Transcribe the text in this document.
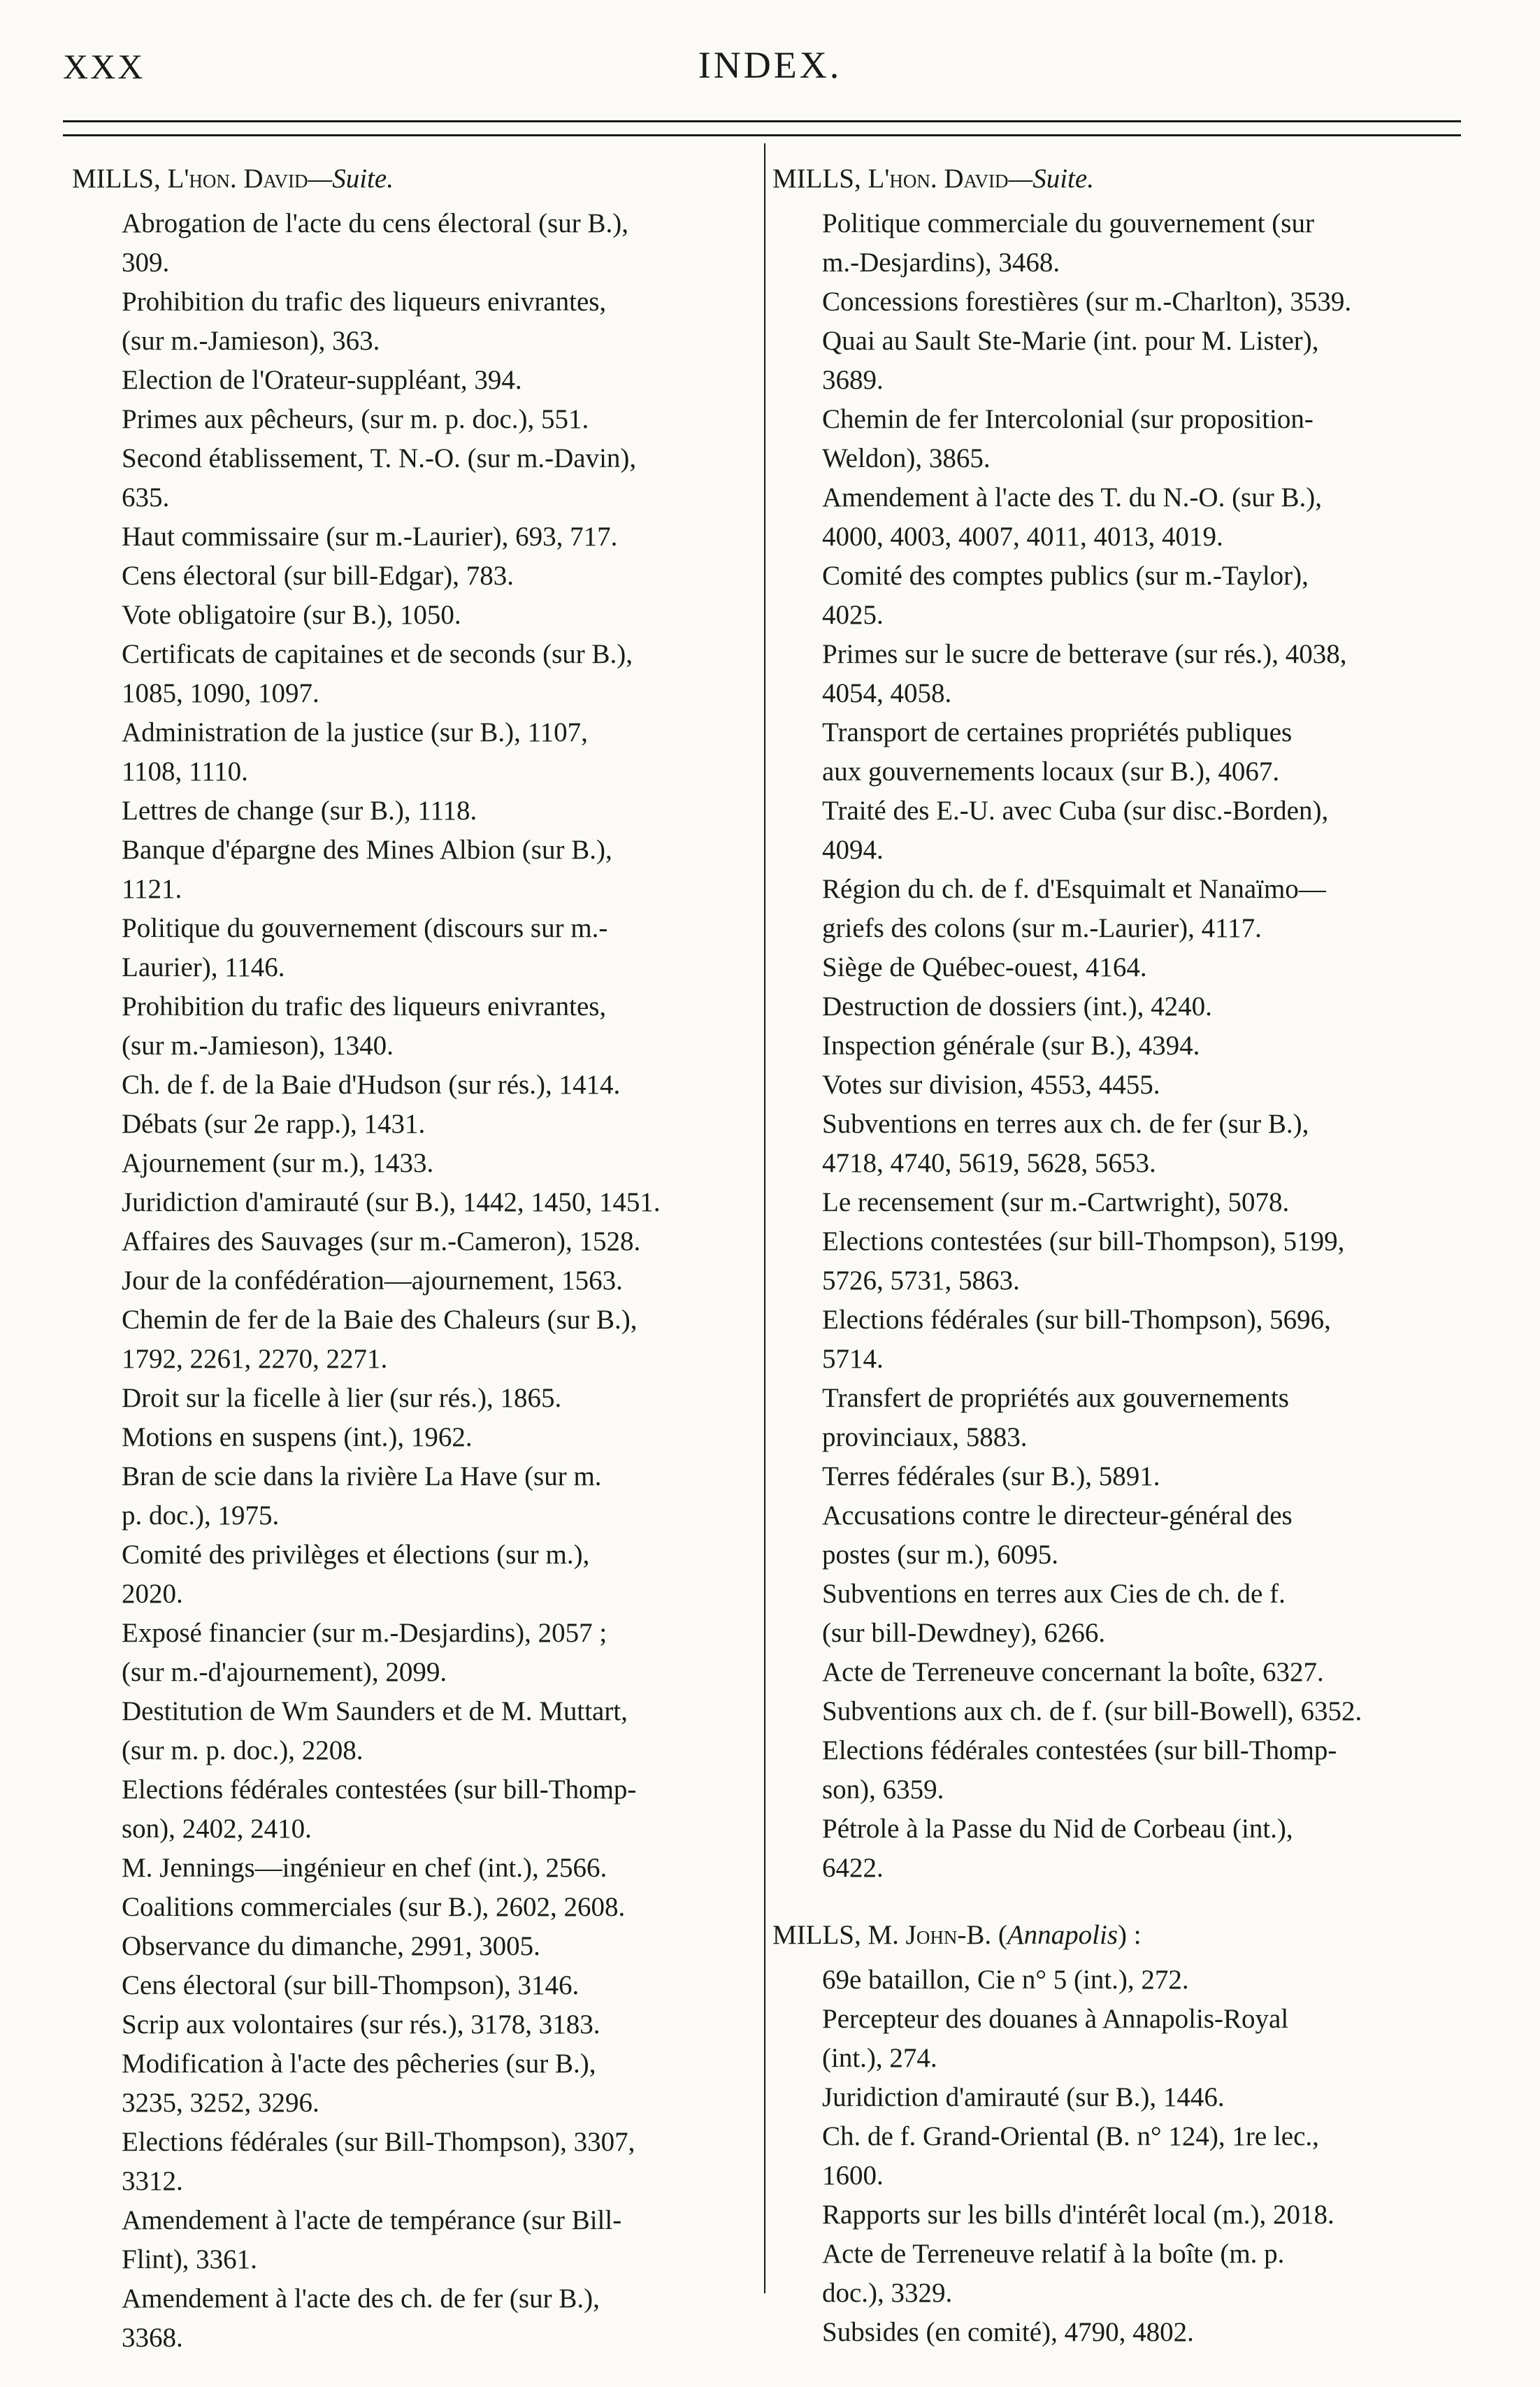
XXX	INDEX.
MILLS, L'hon. David—Suite.
Abrogation de l'acte du cens électoral (sur B.),
309.
Prohibition du trafic des liqueurs enivrantes,
(sur m.-Jamieson), 363.
Election de l'Orateur-suppléant, 394.
Primes aux pêcheurs, (sur m. p. doc.), 551.
Second établissement, T. N.-O. (sur m.-Davin),
635.
Haut commissaire (sur m.-Laurier), 693, 717.
Cens électoral (sur bill-Edgar), 783.
Vote obligatoire (sur B.), 1050.
Certificats de capitaines et de seconds (sur B.),
1085, 1090, 1097.
Administration de la justice (sur B.), 1107,
1108, 1110.
Lettres de change (sur B.), 1118.
Banque d'épargne des Mines Albion (sur B.),
1121.
Politique du gouvernement (discours sur m.-
Laurier), 1146.
Prohibition du trafic des liqueurs enivrantes,
(sur m.-Jamieson), 1340.
Ch. de f. de la Baie d'Hudson (sur rés.), 1414.
Débats (sur 2e rapp.), 1431.
Ajournement (sur m.), 1433.
Juridiction d'amirauté (sur B.), 1442, 1450, 1451.
Affaires des Sauvages (sur m.-Cameron), 1528.
Jour de la confédération—ajournement, 1563.
Chemin de fer de la Baie des Chaleurs (sur B.),
1792, 2261, 2270, 2271.
Droit sur la ficelle à lier (sur rés.), 1865.
Motions en suspens (int.), 1962.
Bran de scie dans la rivière La Have (sur m.
p. doc.), 1975.
Comité des privilèges et élections (sur m.),
2020.
Exposé financier (sur m.-Desjardins), 2057 ;
(sur m.-d'ajournement), 2099.
Destitution de Wm Saunders et de M. Muttart,
(sur m. p. doc.), 2208.
Elections fédérales contestées (sur bill-Thomp-
son), 2402, 2410.
M. Jennings—ingénieur en chef (int.), 2566.
Coalitions commerciales (sur B.), 2602, 2608.
Observance du dimanche, 2991, 3005.
Cens électoral (sur bill-Thompson), 3146.
Scrip aux volontaires (sur rés.), 3178, 3183.
Modification à l'acte des pêcheries (sur B.),
3235, 3252, 3296.
Elections fédérales (sur Bill-Thompson), 3307,
3312.
Amendement à l'acte de tempérance (sur Bill-
Flint), 3361.
Amendement à l'acte des ch. de fer (sur B.),
3368.
MILLS, L'hon. David—Suite.
Politique commerciale du gouvernement (sur
m.-Desjardins), 3468.
Concessions forestières (sur m.-Charlton), 3539.
Quai au Sault Ste-Marie (int. pour M. Lister),
3689.
Chemin de fer Intercolonial (sur proposition-
Weldon), 3865.
Amendement à l'acte des T. du N.-O. (sur B.),
4000, 4003, 4007, 4011, 4013, 4019.
Comité des comptes publics (sur m.-Taylor),
4025.
Primes sur le sucre de betterave (sur rés.), 4038,
4054, 4058.
Transport de certaines propriétés publiques
aux gouvernements locaux (sur B.), 4067.
Traité des E.-U. avec Cuba (sur disc.-Borden),
4094.
Région du ch. de f. d'Esquimalt et Nanaïmo—
griefs des colons (sur m.-Laurier), 4117.
Siège de Québec-ouest, 4164.
Destruction de dossiers (int.), 4240.
Inspection générale (sur B.), 4394.
Votes sur division, 4553, 4455.
Subventions en terres aux ch. de fer (sur B.),
4718, 4740, 5619, 5628, 5653.
Le recensement (sur m.-Cartwright), 5078.
Elections contestées (sur bill-Thompson), 5199,
5726, 5731, 5863.
Elections fédérales (sur bill-Thompson), 5696,
5714.
Transfert de propriétés aux gouvernements
provinciaux, 5883.
Terres fédérales (sur B.), 5891.
Accusations contre le directeur-général des
postes (sur m.), 6095.
Subventions en terres aux Cies de ch. de f.
(sur bill-Dewdney), 6266.
Acte de Terreneuve concernant la boîte, 6327.
Subventions aux ch. de f. (sur bill-Bowell), 6352.
Elections fédérales contestées (sur bill-Thomp-
son), 6359.
Pétrole à la Passe du Nid de Corbeau (int.),
6422.
MILLS, M. John-B. (Annapolis) :
69e bataillon, Cie n° 5 (int.), 272.
Percepteur des douanes à Annapolis-Royal
(int.), 274.
Juridiction d'amirauté (sur B.), 1446.
Ch. de f. Grand-Oriental (B. n° 124), 1re lec.,
1600.
Rapports sur les bills d'intérêt local (m.), 2018.
Acte de Terreneuve relatif à la boîte (m. p.
doc.), 3329.
Subsides (en comité), 4790, 4802.
